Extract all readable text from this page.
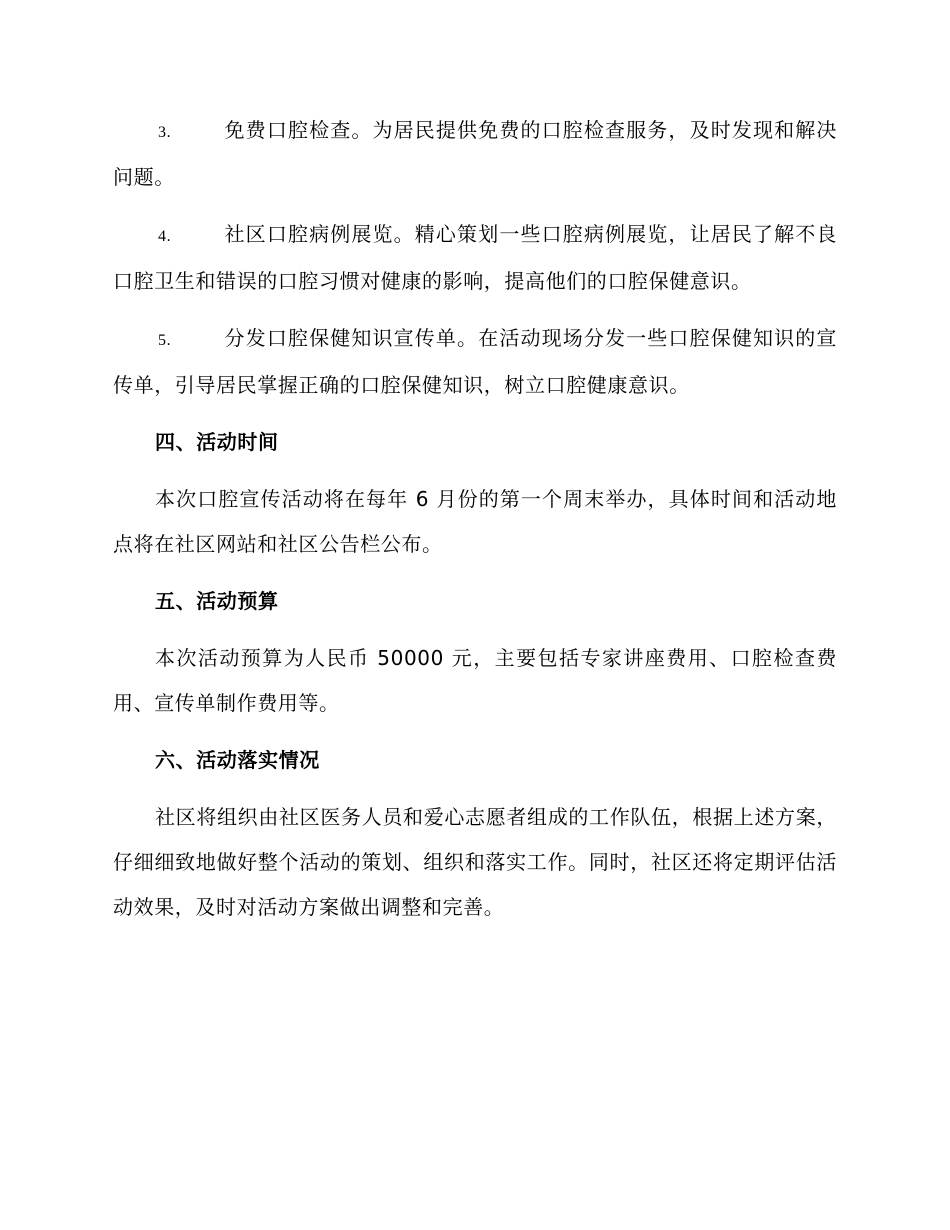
3.	免费口腔检查。为居民提供免费的口腔检查服务，及时发现和解决问题。

4.	社区口腔病例展览。精心策划一些口腔病例展览，让居民了解不良口腔卫生和错误的口腔习惯对健康的影响，提高他们的口腔保健意识。

5.	分发口腔保健知识宣传单。在活动现场分发一些口腔保健知识的宣传单，引导居民掌握正确的口腔保健知识，树立口腔健康意识。

四、活动时间

本次口腔宣传活动将在每年 6 月份的第一个周末举办，具体时间和活动地点将在社区网站和社区公告栏公布。

五、活动预算

本次活动预算为人民币 50000 元，主要包括专家讲座费用、口腔检查费用、宣传单制作费用等。

六、活动落实情况

社区将组织由社区医务人员和爱心志愿者组成的工作队伍，根据上述方案，仔细细致地做好整个活动的策划、组织和落实工作。同时，社区还将定期评估活动效果，及时对活动方案做出调整和完善。
